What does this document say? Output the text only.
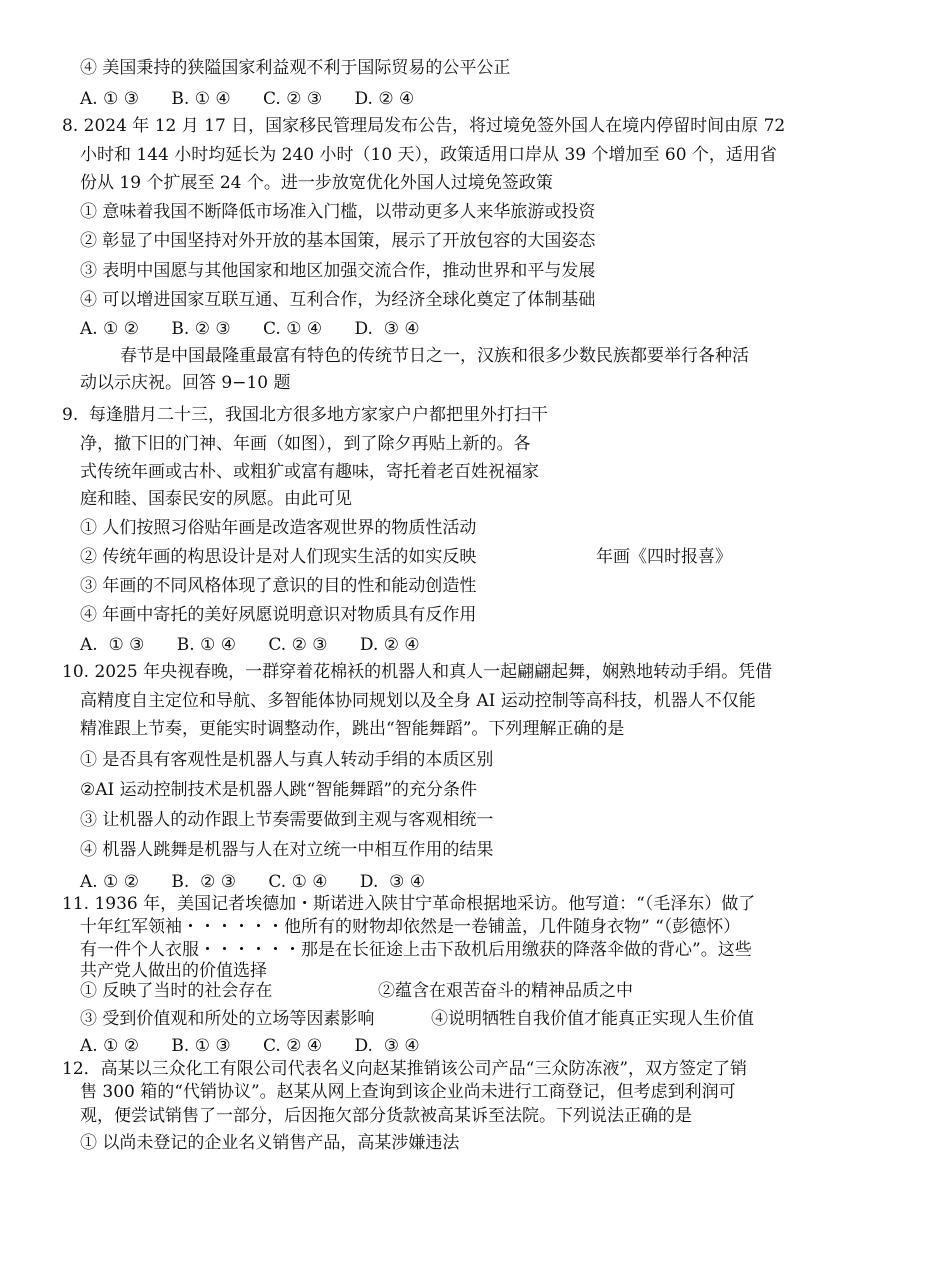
④ 美国秉持的狭隘国家利益观不利于国际贸易的公平公正
A. ① ③      B. ① ④      C. ② ③      D. ② ④
8. 2024 年 12 月 17 日，国家移民管理局发布公告，将过境免签外国人在境内停留时间由原 72
小时和 144 小时均延长为 240 小时（10 天），政策适用口岸从 39 个增加至 60 个，适用省
份从 19 个扩展至 24 个。进一步放宽优化外国人过境免签政策
① 意味着我国不断降低市场准入门槛，以带动更多人来华旅游或投资
② 彰显了中国坚持对外开放的基本国策，展示了开放包容的大国姿态
③ 表明中国愿与其他国家和地区加强交流合作，推动世界和平与发展
④ 可以增进国家互联互通、互利合作，为经济全球化奠定了体制基础
A. ① ②      B. ② ③      C. ① ④      D.  ③ ④
春节是中国最隆重最富有特色的传统节日之一，汉族和很多少数民族都要举行各种活
动以示庆祝。回答 9−10 题
9.  每逢腊月二十三，我国北方很多地方家家户户都把里外打扫干
净，撤下旧的门神、年画（如图），到了除夕再贴上新的。各
式传统年画或古朴、或粗犷或富有趣味，寄托着老百姓祝福家
庭和睦、国泰民安的夙愿。由此可见
① 人们按照习俗贴年画是改造客观世界的物质性活动
② 传统年画的构思设计是对人们现实生活的如实反映	年画《四时报喜》
③ 年画的不同风格体现了意识的目的性和能动创造性
④ 年画中寄托的美好夙愿说明意识对物质具有反作用
A.  ① ③      B. ① ④      C. ② ③      D. ② ④
10. 2025 年央视春晚，一群穿着花棉袄的机器人和真人一起翩翩起舞，娴熟地转动手绢。凭借
高精度自主定位和导航、多智能体协同规划以及全身 AI 运动控制等高科技，机器人不仅能
精准跟上节奏，更能实时调整动作，跳出“智能舞蹈”。下列理解正确的是
① 是否具有客观性是机器人与真人转动手绢的本质区别
②AI 运动控制技术是机器人跳“智能舞蹈”的充分条件
③ 让机器人的动作跟上节奏需要做到主观与客观相统一
④ 机器人跳舞是机器与人在对立统一中相互作用的结果
A. ① ②      B.  ② ③      C. ① ④      D.  ③ ④
11. 1936 年，美国记者埃德加・斯诺进入陕甘宁革命根据地采访。他写道：“（毛泽东）做了
十年红军领袖・・・・・・他所有的财物却依然是一卷铺盖，几件随身衣物” “（彭德怀）
有一件个人衣服・・・・・・那是在长征途上击下敌机后用缴获的降落伞做的背心”。这些
共产党人做出的价值选择
① 反映了当时的社会存在	②蕴含在艰苦奋斗的精神品质之中
③ 受到价值观和所处的立场等因素影响	④说明牺牲自我价值才能真正实现人生价值
A. ① ②      B. ① ③      C. ② ④      D.  ③ ④
12．高某以三众化工有限公司代表名义向赵某推销该公司产品“三众防冻液”，双方签定了销
售 300 箱的“代销协议”。赵某从网上查询到该企业尚未进行工商登记，但考虑到利润可
观，便尝试销售了一部分，后因拖欠部分货款被高某诉至法院。下列说法正确的是
① 以尚未登记的企业名义销售产品，高某涉嫌违法
